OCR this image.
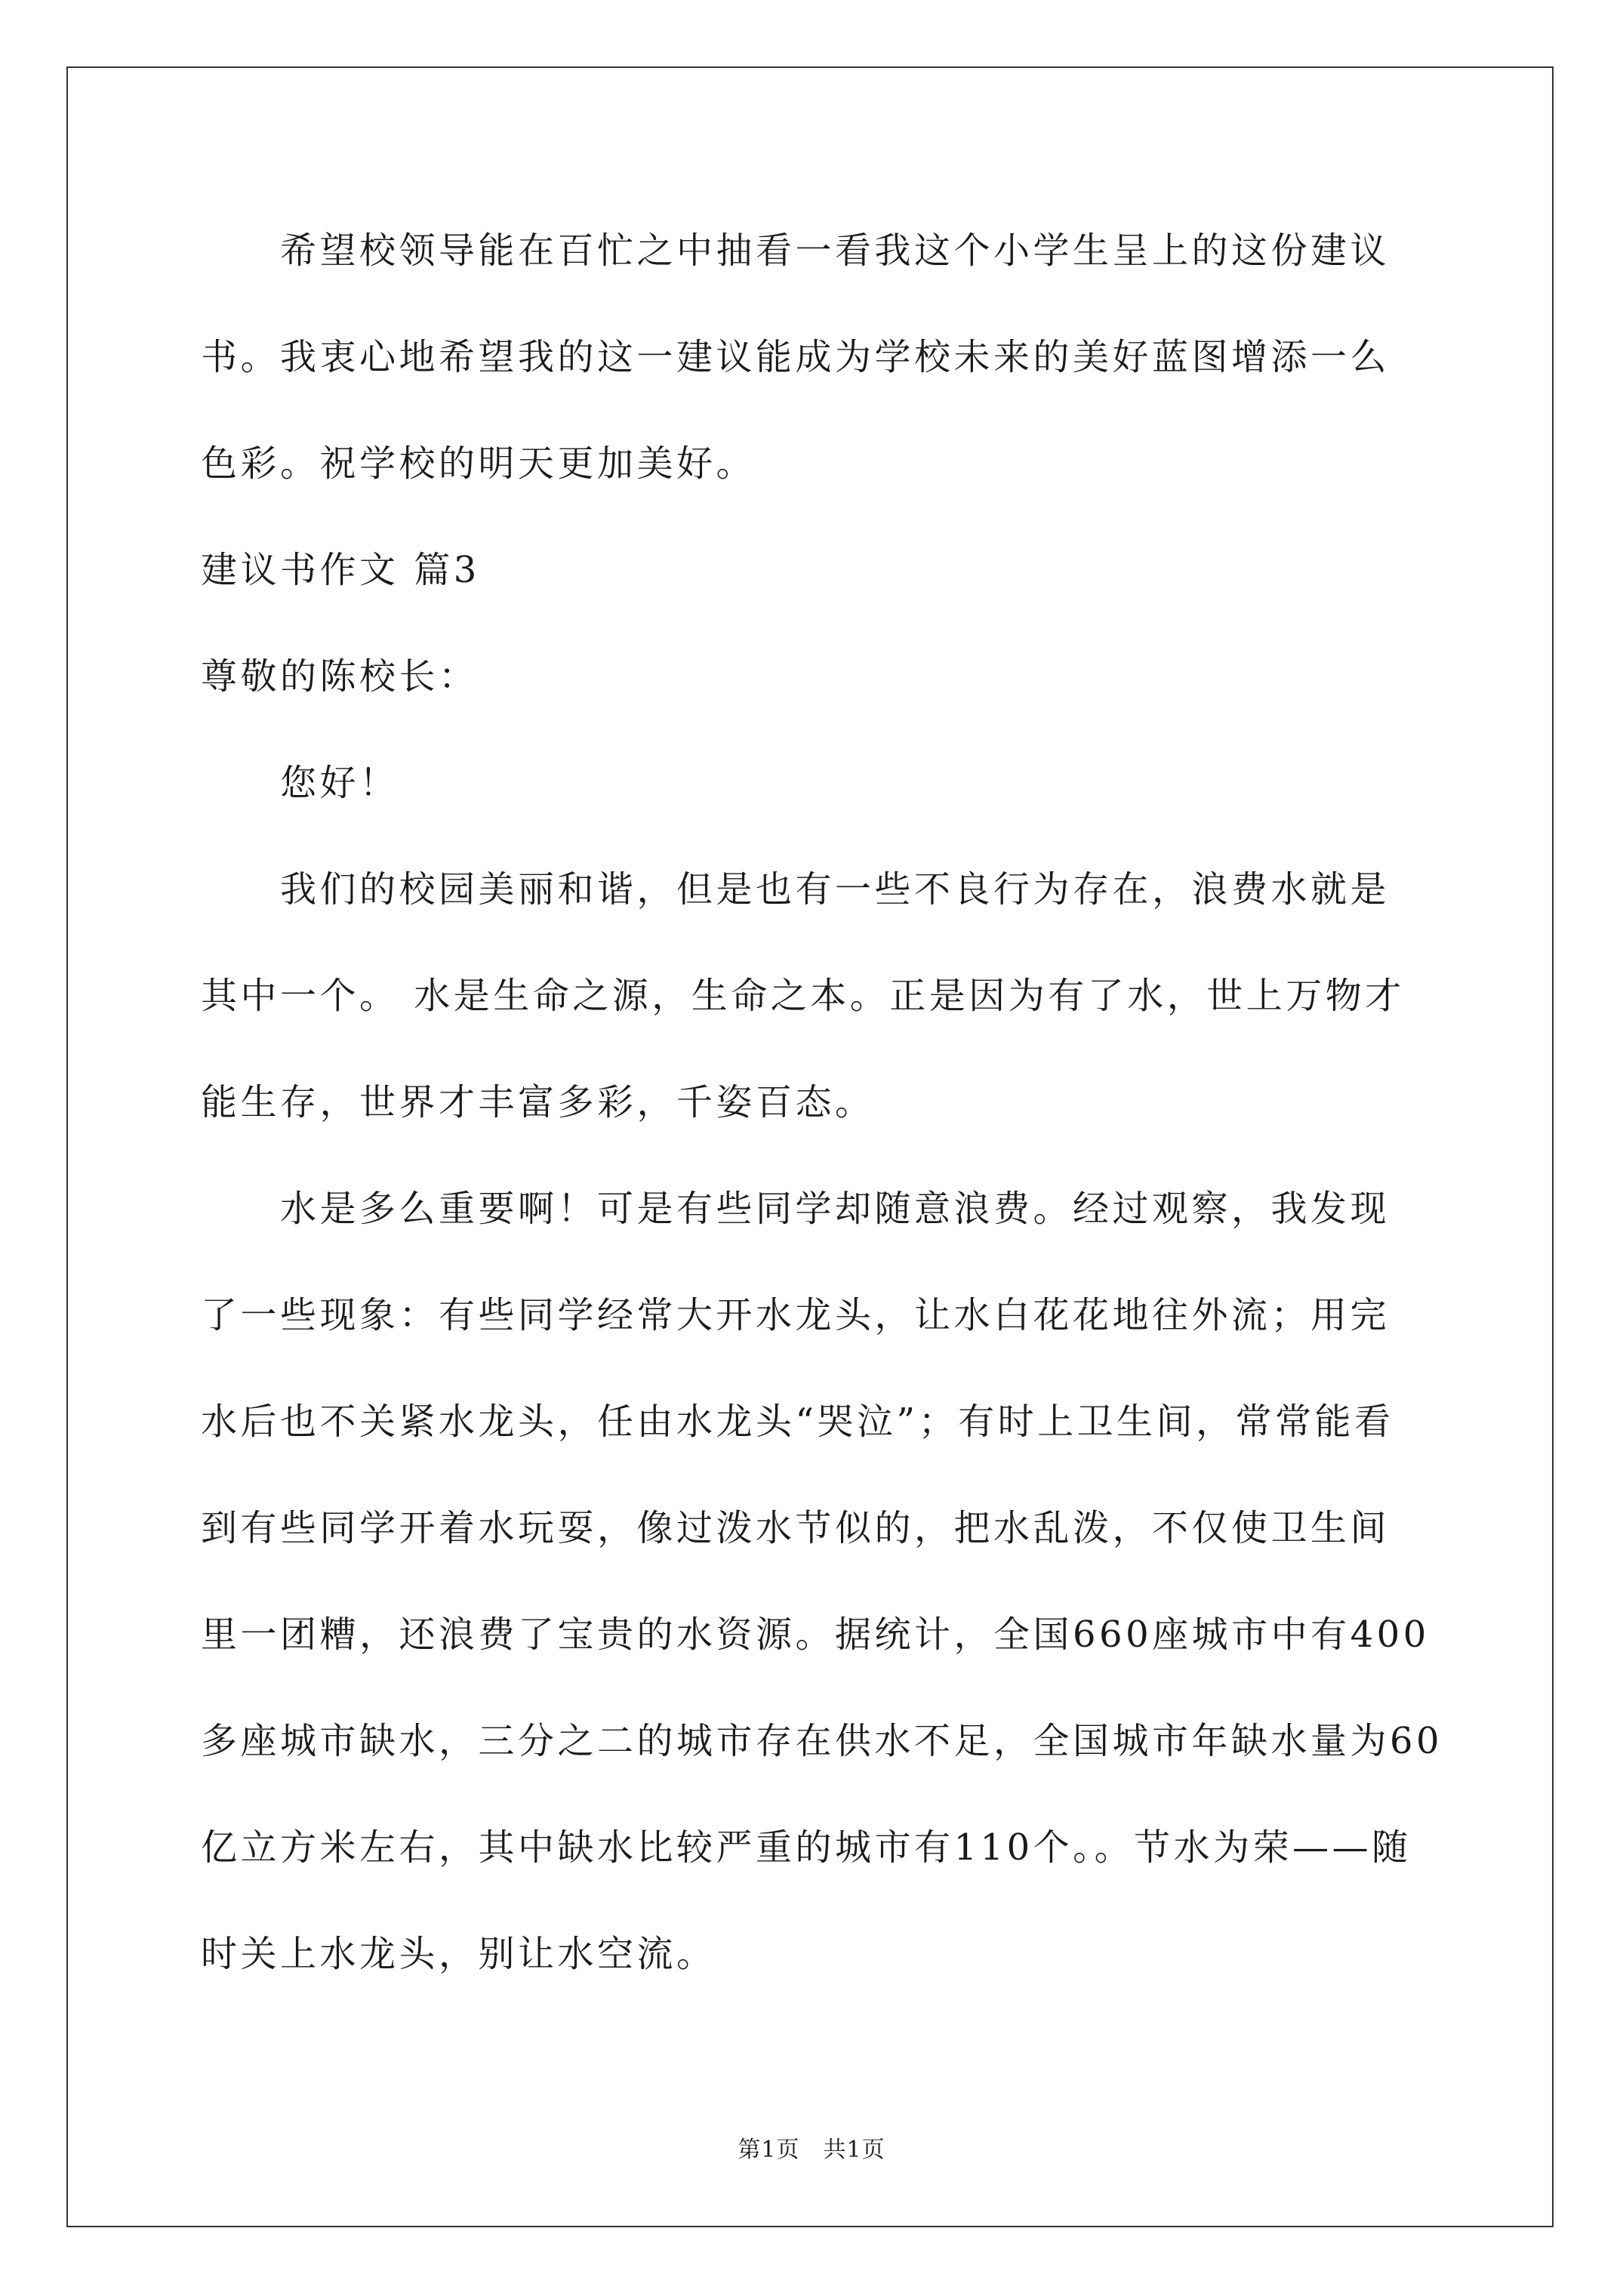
　　希望校领导能在百忙之中抽看一看我这个小学生呈上的这份建议
书。我衷心地希望我的这一建议能成为学校未来的美好蓝图增添一么
色彩。祝学校的明天更加美好。
建议书作文 篇3
尊敬的陈校长：
　　您好！
　　我们的校园美丽和谐，但是也有一些不良行为存在，浪费水就是
其中一个。 水是生命之源，生命之本。正是因为有了水，世上万物才
能生存，世界才丰富多彩，千姿百态。
　　水是多么重要啊！可是有些同学却随意浪费。经过观察，我发现
了一些现象：有些同学经常大开水龙头，让水白花花地往外流；用完
水后也不关紧水龙头，任由水龙头“哭泣”；有时上卫生间，常常能看
到有些同学开着水玩耍，像过泼水节似的，把水乱泼，不仅使卫生间
里一团糟，还浪费了宝贵的水资源。据统计，全国660座城市中有400
多座城市缺水，三分之二的城市存在供水不足，全国城市年缺水量为60
亿立方米左右，其中缺水比较严重的城市有110个。。节水为荣——随
时关上水龙头，别让水空流。
第1页　共1页
